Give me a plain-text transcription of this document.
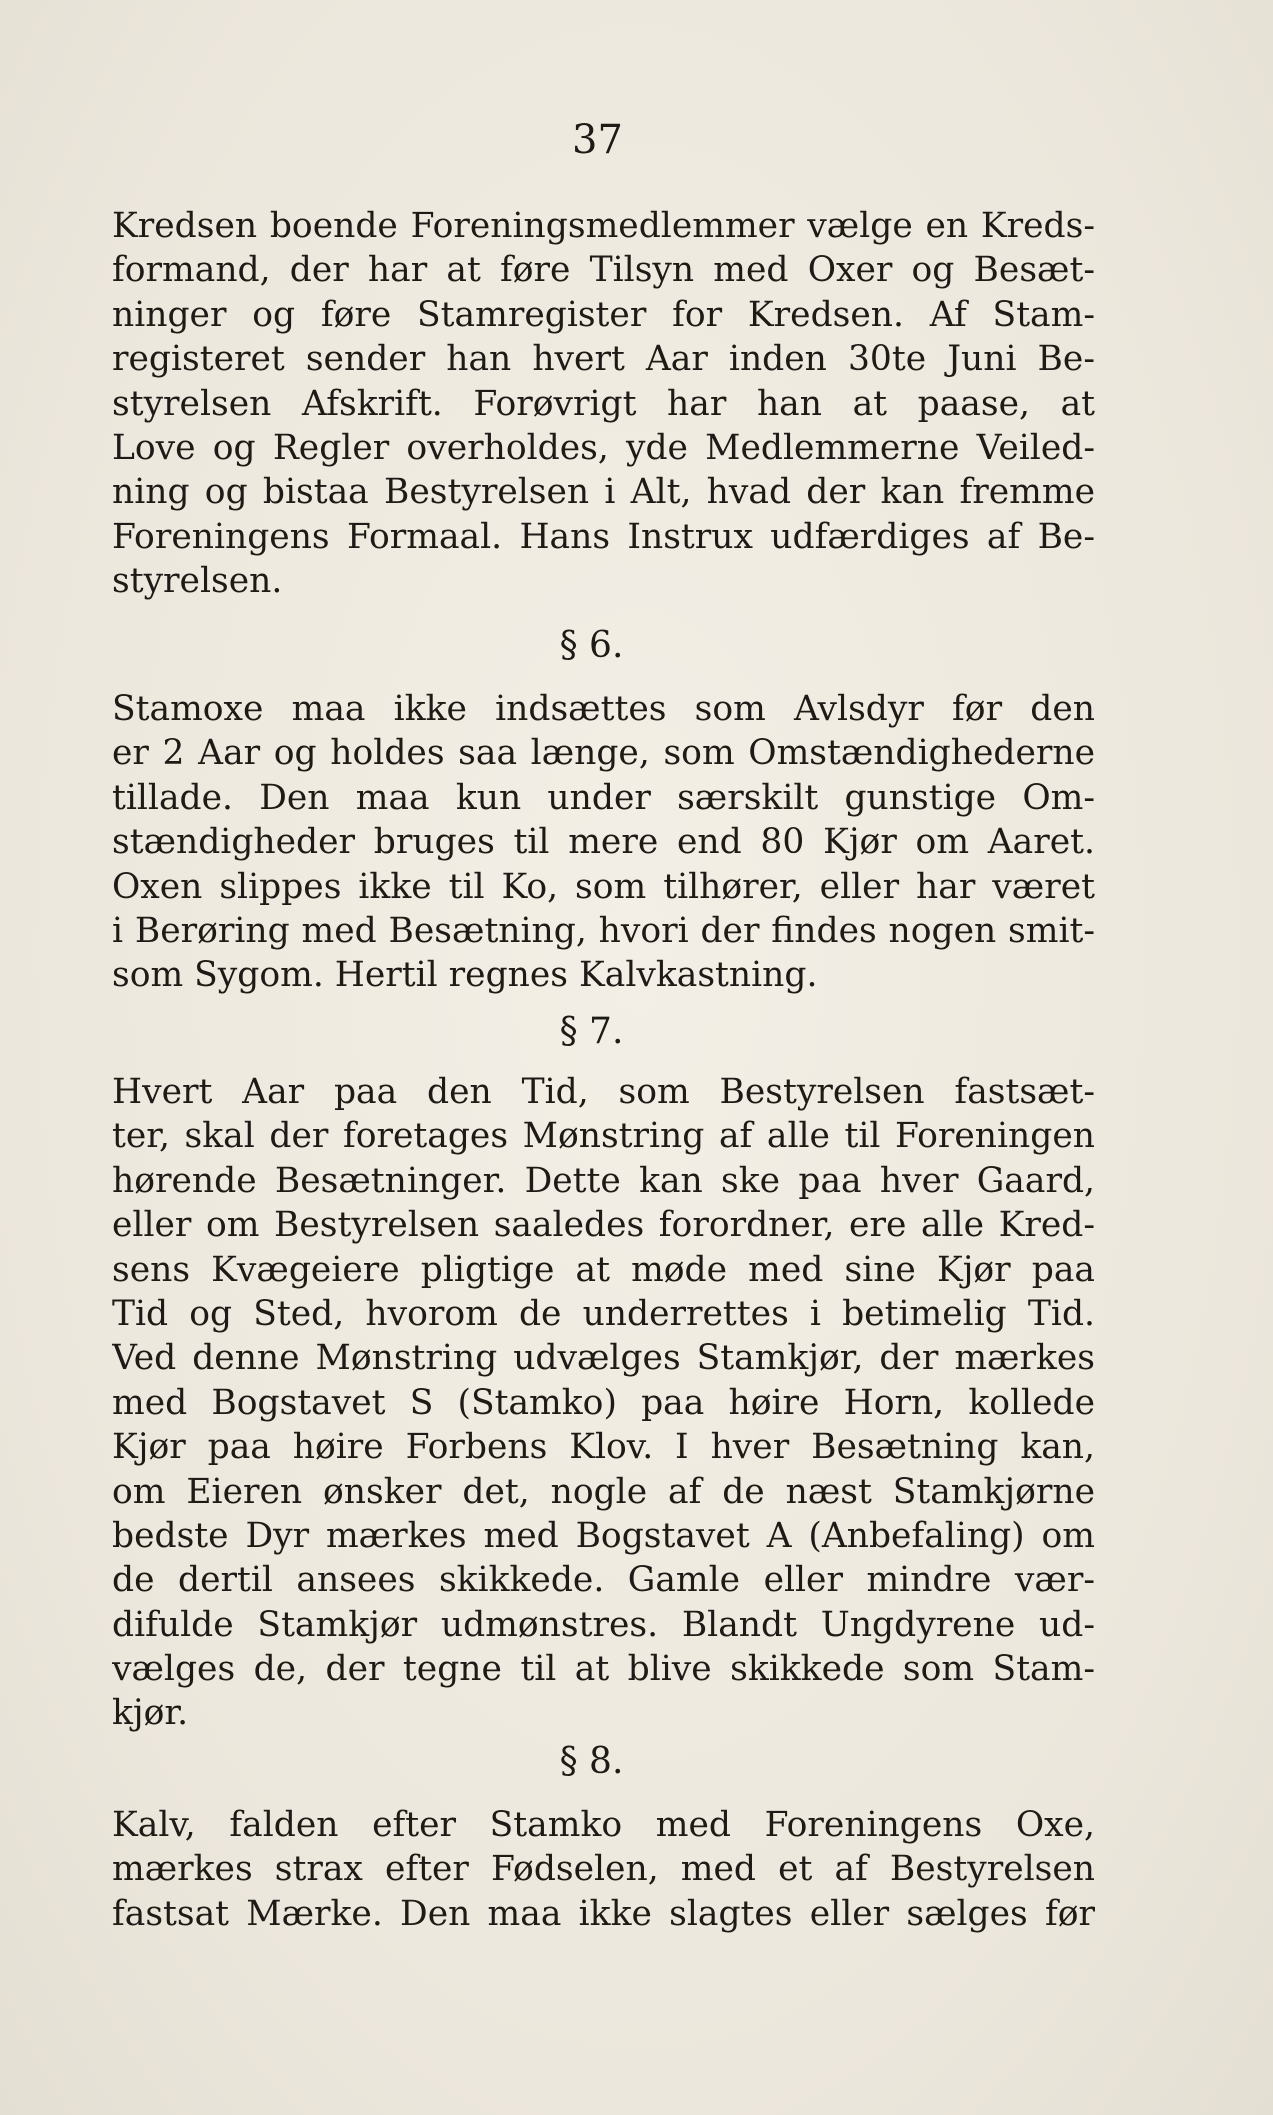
37
Kredsen boende Foreningsmedlemmer vælge en Kreds-
formand, der har at føre Tilsyn med Oxer og Besæt-
ninger og føre Stamregister for Kredsen. Af Stam-
registeret sender han hvert Aar inden 30te Juni Be-
styrelsen Afskrift. Forøvrigt har han at paase, at
Love og Regler overholdes, yde Medlemmerne Veiled-
ning og bistaa Bestyrelsen i Alt, hvad der kan fremme
Foreningens Formaal. Hans Instrux udfærdiges af Be-
styrelsen.
§ 6.
Stamoxe maa ikke indsættes som Avlsdyr før den
er 2 Aar og holdes saa længe, som Omstændighederne
tillade. Den maa kun under særskilt gunstige Om-
stændigheder bruges til mere end 80 Kjør om Aaret.
Oxen slippes ikke til Ko, som tilhører, eller har været
i Berøring med Besætning, hvori der findes nogen smit-
som Sygom. Hertil regnes Kalvkastning.
§ 7.
Hvert Aar paa den Tid, som Bestyrelsen fastsæt-
ter, skal der foretages Mønstring af alle til Foreningen
hørende Besætninger. Dette kan ske paa hver Gaard,
eller om Bestyrelsen saaledes forordner, ere alle Kred-
sens Kvægeiere pligtige at møde med sine Kjør paa
Tid og Sted, hvorom de underrettes i betimelig Tid.
Ved denne Mønstring udvælges Stamkjør, der mærkes
med Bogstavet S (Stamko) paa høire Horn, kollede
Kjør paa høire Forbens Klov. I hver Besætning kan,
om Eieren ønsker det, nogle af de næst Stamkjørne
bedste Dyr mærkes med Bogstavet A (Anbefaling) om
de dertil ansees skikkede. Gamle eller mindre vær-
difulde Stamkjør udmønstres. Blandt Ungdyrene ud-
vælges de, der tegne til at blive skikkede som Stam-
kjør.
§ 8.
Kalv, falden efter Stamko med Foreningens Oxe,
mærkes strax efter Fødselen, med et af Bestyrelsen
fastsat Mærke. Den maa ikke slagtes eller sælges før
